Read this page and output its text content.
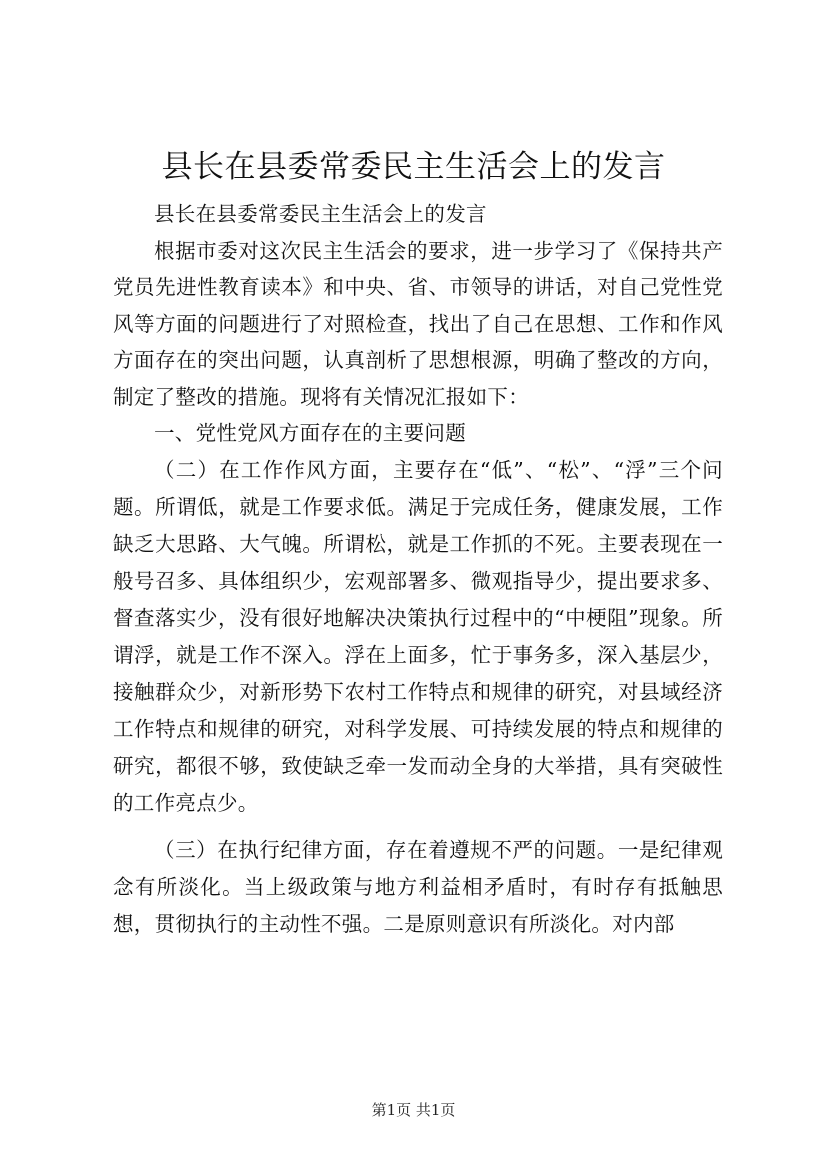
县长在县委常委民主生活会上的发言

县长在县委常委民主生活会上的发言

根据市委对这次民主生活会的要求，进一步学习了《保持共产党员先进性教育读本》和中央、省、市领导的讲话，对自己党性党风等方面的问题进行了对照检查，找出了自己在思想、工作和作风方面存在的突出问题，认真剖析了思想根源，明确了整改的方向，制定了整改的措施。现将有关情况汇报如下：

一、党性党风方面存在的主要问题

（二）在工作作风方面，主要存在“低”、“松”、“浮”三个问题。所谓低，就是工作要求低。满足于完成任务，健康发展，工作缺乏大思路、大气魄。所谓松，就是工作抓的不死。主要表现在一般号召多、具体组织少，宏观部署多、微观指导少，提出要求多、督查落实少，没有很好地解决决策执行过程中的“中梗阻”现象。所谓浮，就是工作不深入。浮在上面多，忙于事务多，深入基层少，接触群众少，对新形势下农村工作特点和规律的研究，对县域经济工作特点和规律的研究，对科学发展、可持续发展的特点和规律的研究，都很不够，致使缺乏牵一发而动全身的大举措，具有突破性的工作亮点少。

（三）在执行纪律方面，存在着遵规不严的问题。一是纪律观念有所淡化。当上级政策与地方利益相矛盾时，有时存有抵触思想，贯彻执行的主动性不强。二是原则意识有所淡化。对内部

第1页 共1页
